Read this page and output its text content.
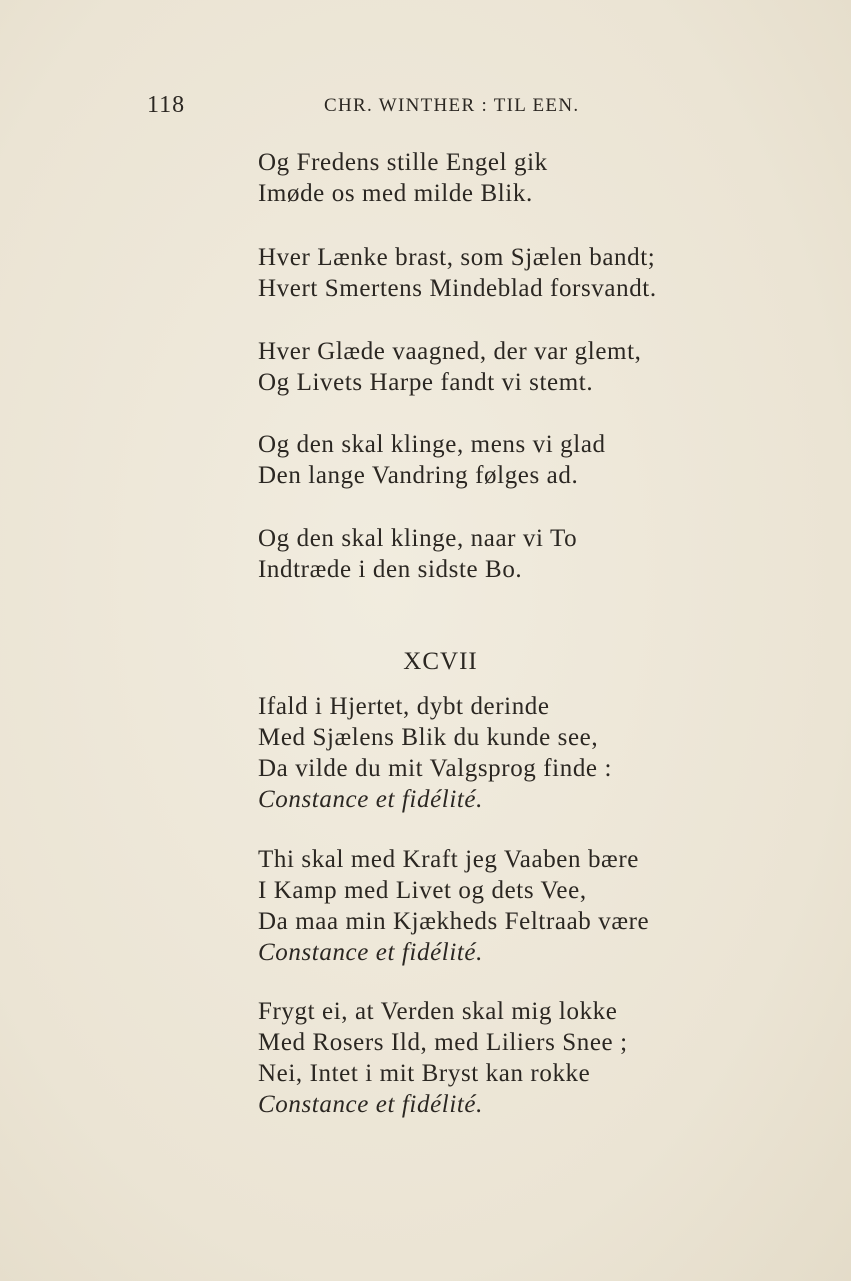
118	CHR. WINTHER : TIL EEN.

Og Fredens stille Engel gik

Imøde os med milde Blik.

Hver Lænke brast, som Sjælen bandt;

Hvert Smertens Mindeblad forsvandt.

Hver Glæde vaagned, der var glemt,

Og Livets Harpe fandt vi stemt.

Og den skal klinge, mens vi glad

Den lange Vandring følges ad.

Og den skal klinge, naar vi To

Indtræde i den sidste Bo.

XCVII

Ifald i Hjertet, dybt derinde

Med Sjælens Blik du kunde see,

Da vilde du mit Valgsprog finde :

Constance et fidélité.

Thi skal med Kraft jeg Vaaben bære

I Kamp med Livet og dets Vee,

Da maa min Kjækheds Feltraab være

Constance et fidélité.

Frygt ei, at Verden skal mig lokke

Med Rosers Ild, med Liliers Snee ;

Nei, Intet i mit Bryst kan rokke

Constance et fidélité.
